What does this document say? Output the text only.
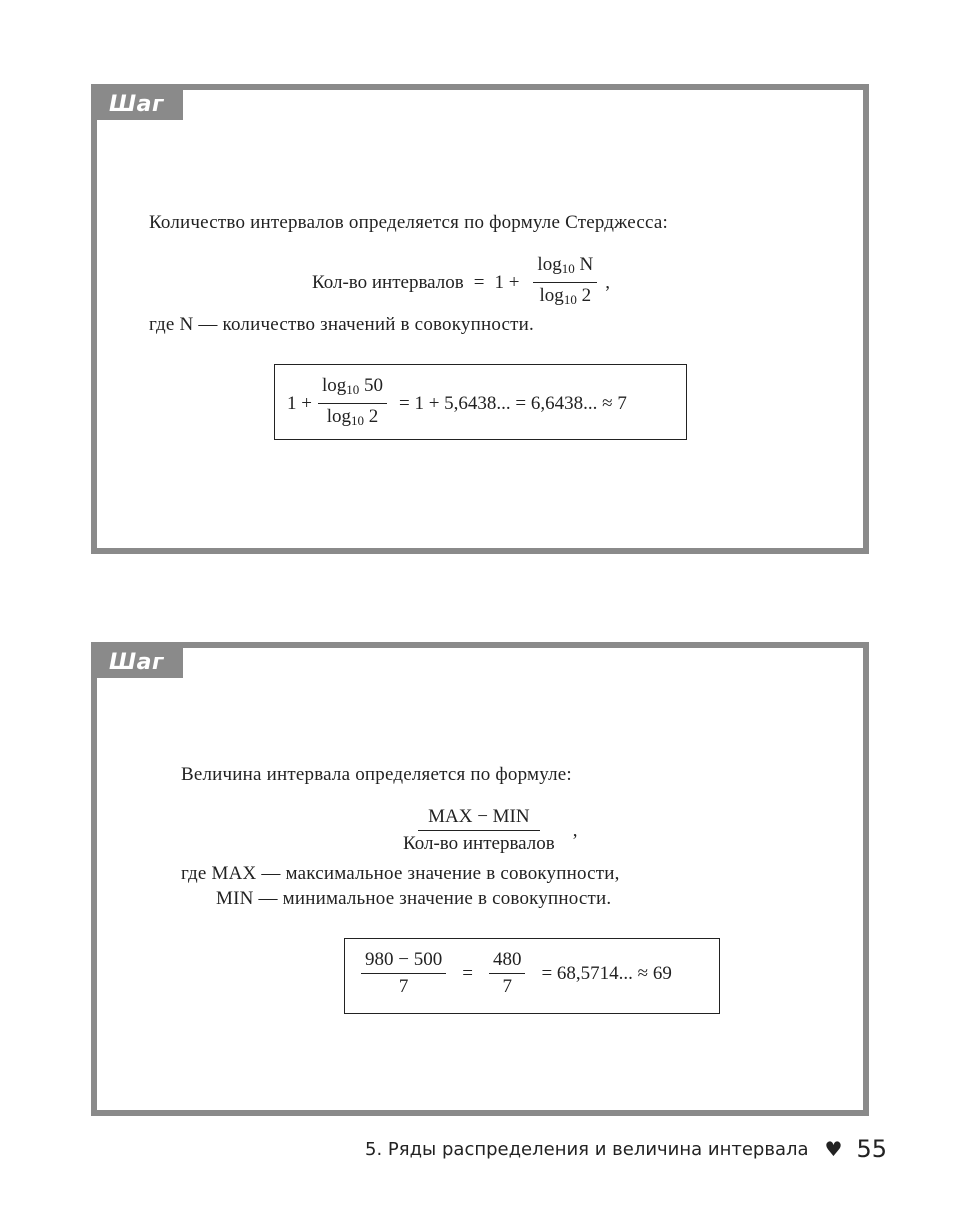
Шаг 1
Количество интервалов определяется по формуле Стерджесса:
Кол-во интервалов = $1 + \frac{\log_{10} N}{\log_{10} 2}$ ,
где N — количество значений в совокупности.
$1 + \frac{\log_{10} 50}{\log_{10} 2} = 1 + 5,6438$... = 6,6438... ≈ 7
Шаг 2
Величина интервала определяется по формуле:
$\frac{\text{MAX − MIN}}{\text{Кол-во интервалов}}$ ,
где MAX — максимальное значение в совокупности,
MIN — минимальное значение в совокупности.
$\frac{980 - 500}{7} = \frac{480}{7} = 68,5714$... ≈ 69
5. Ряды распределения и величина интервала ♥ 55
